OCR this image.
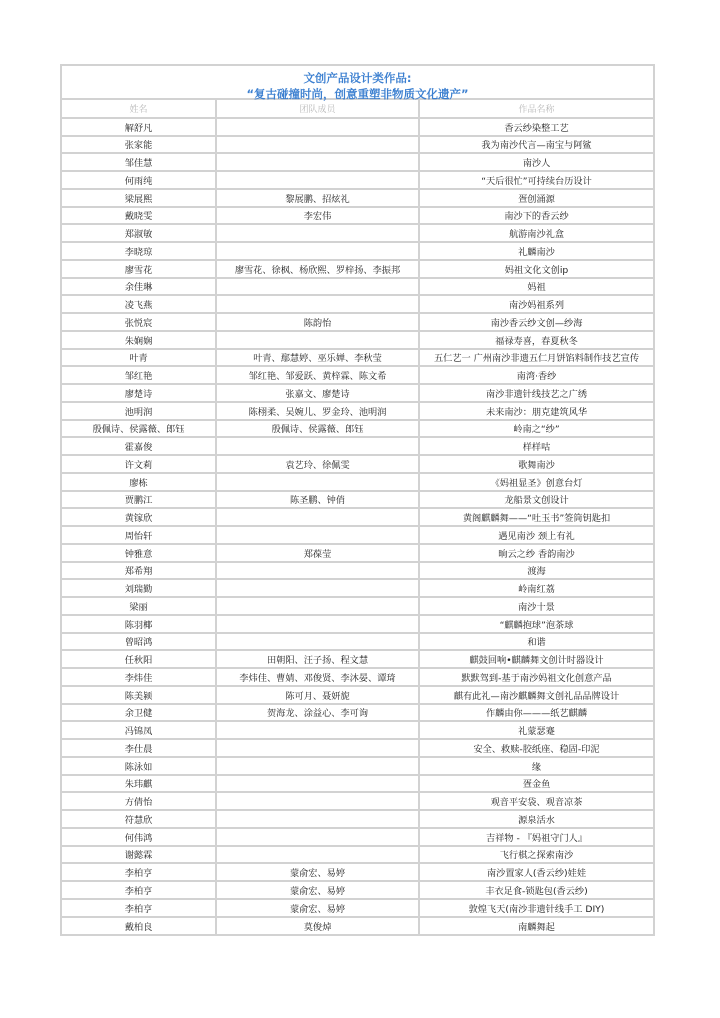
文创产品设计类作品:
“复古碰撞时尚，创意重塑非物质文化遗产”
姓名	团队成员	作品名称
解舒凡		香云纱染整工艺
张家能		我为南沙代言—南宝与阿鲨
邹佳慧		南沙人
何雨纯		“天后很忙”可持续台历设计
梁展熙	黎展鹏、招炫礼	疍创涌源
戴晓雯	李宏伟	南沙下的香云纱
郑淑敏		航游南沙礼盒
李晓琼		礼麟南沙
廖雪花	廖雪花、徐枫、杨欣熙、罗梓扬、李振邦	妈祖文化文创ip
余佳琳		妈祖
凌飞燕		南沙妈祖系列
张悦宸	陈韵怡	南沙香云纱文创—纱海
朱娴娴		福禄寿喜，春夏秋冬
叶青	叶青、鄢慧婷、巫乐婵、李秋莹	五仁艺一 广州南沙非遗五仁月饼馅料制作技艺宣传
邹红艳	邹红艳、邹爱跃、黄梓霖、陈文希	南湾·香纱
廖楚诗	张嘉文、廖楚诗	南沙非遗针线技艺之广绣
池明润	陈栩柔、吴婉儿、罗金玲、池明润	未来南沙：朋克建筑风华
殷佩诗、侯露薇、郎钰	殷佩诗、侯露薇、郎钰	岭南之“纱”
霍嘉俊		样样咕
许文莉	袁艺玲、徐佩雯	歌舞南沙
廖栋		《妈祖显圣》创意台灯
贾鹏江	陈圣鹏、钟俏	龙船景文创设计
黄镓欣		黄阁麒麟舞——“吐玉书”签筒钥匙扣
周怡轩		遇见南沙 颈上有礼
钟雅意	郑葆莹	晌云之纱 香韵南沙
郑希翔		渡海
刘瑞勤		岭南红荔
梁丽		南沙十景
陈羽椰		“麒麟抱球”泡茶球
曾昭鸿		和谐
任秋阳	田朝阳、汪子扬、程文慧	麒鼓回响•麒麟舞文创计时器设计
李炜佳	李炜佳、曹婧、邓俊贤、李沐晏、谭琦	默默驾到-基于南沙妈祖文化创意产品
陈美颍	陈可月、聂妍旎	麒有此礼—南沙麒麟舞文创礼品品牌设计
余卫健	贺海龙、涂益心、李可询	作麟由你———纸艺麒麟
冯锦凤		礼蒙瑟蹇
李仕晨		安全、救赎-胶纸座、稳固-印泥
陈泳如		缘
朱玮麒		疍金鱼
方倩怡		观音平安袋、观音凉茶
符慧欣		源泉活水
何伟鸿		吉祥物 - 『妈祖守门人』
谢懿霖		飞行棋之探索南沙
李柏亨	蒙俞宏、易婷	南沙置家人(香云纱)娃娃
李柏亨	蒙俞宏、易婷	丰衣足食-锁匙包(香云纱)
李柏亨	蒙俞宏、易婷	敦煌飞天(南沙非遗针线手工 DIY)
戴柏良	莫俊焯	南麟舞起
